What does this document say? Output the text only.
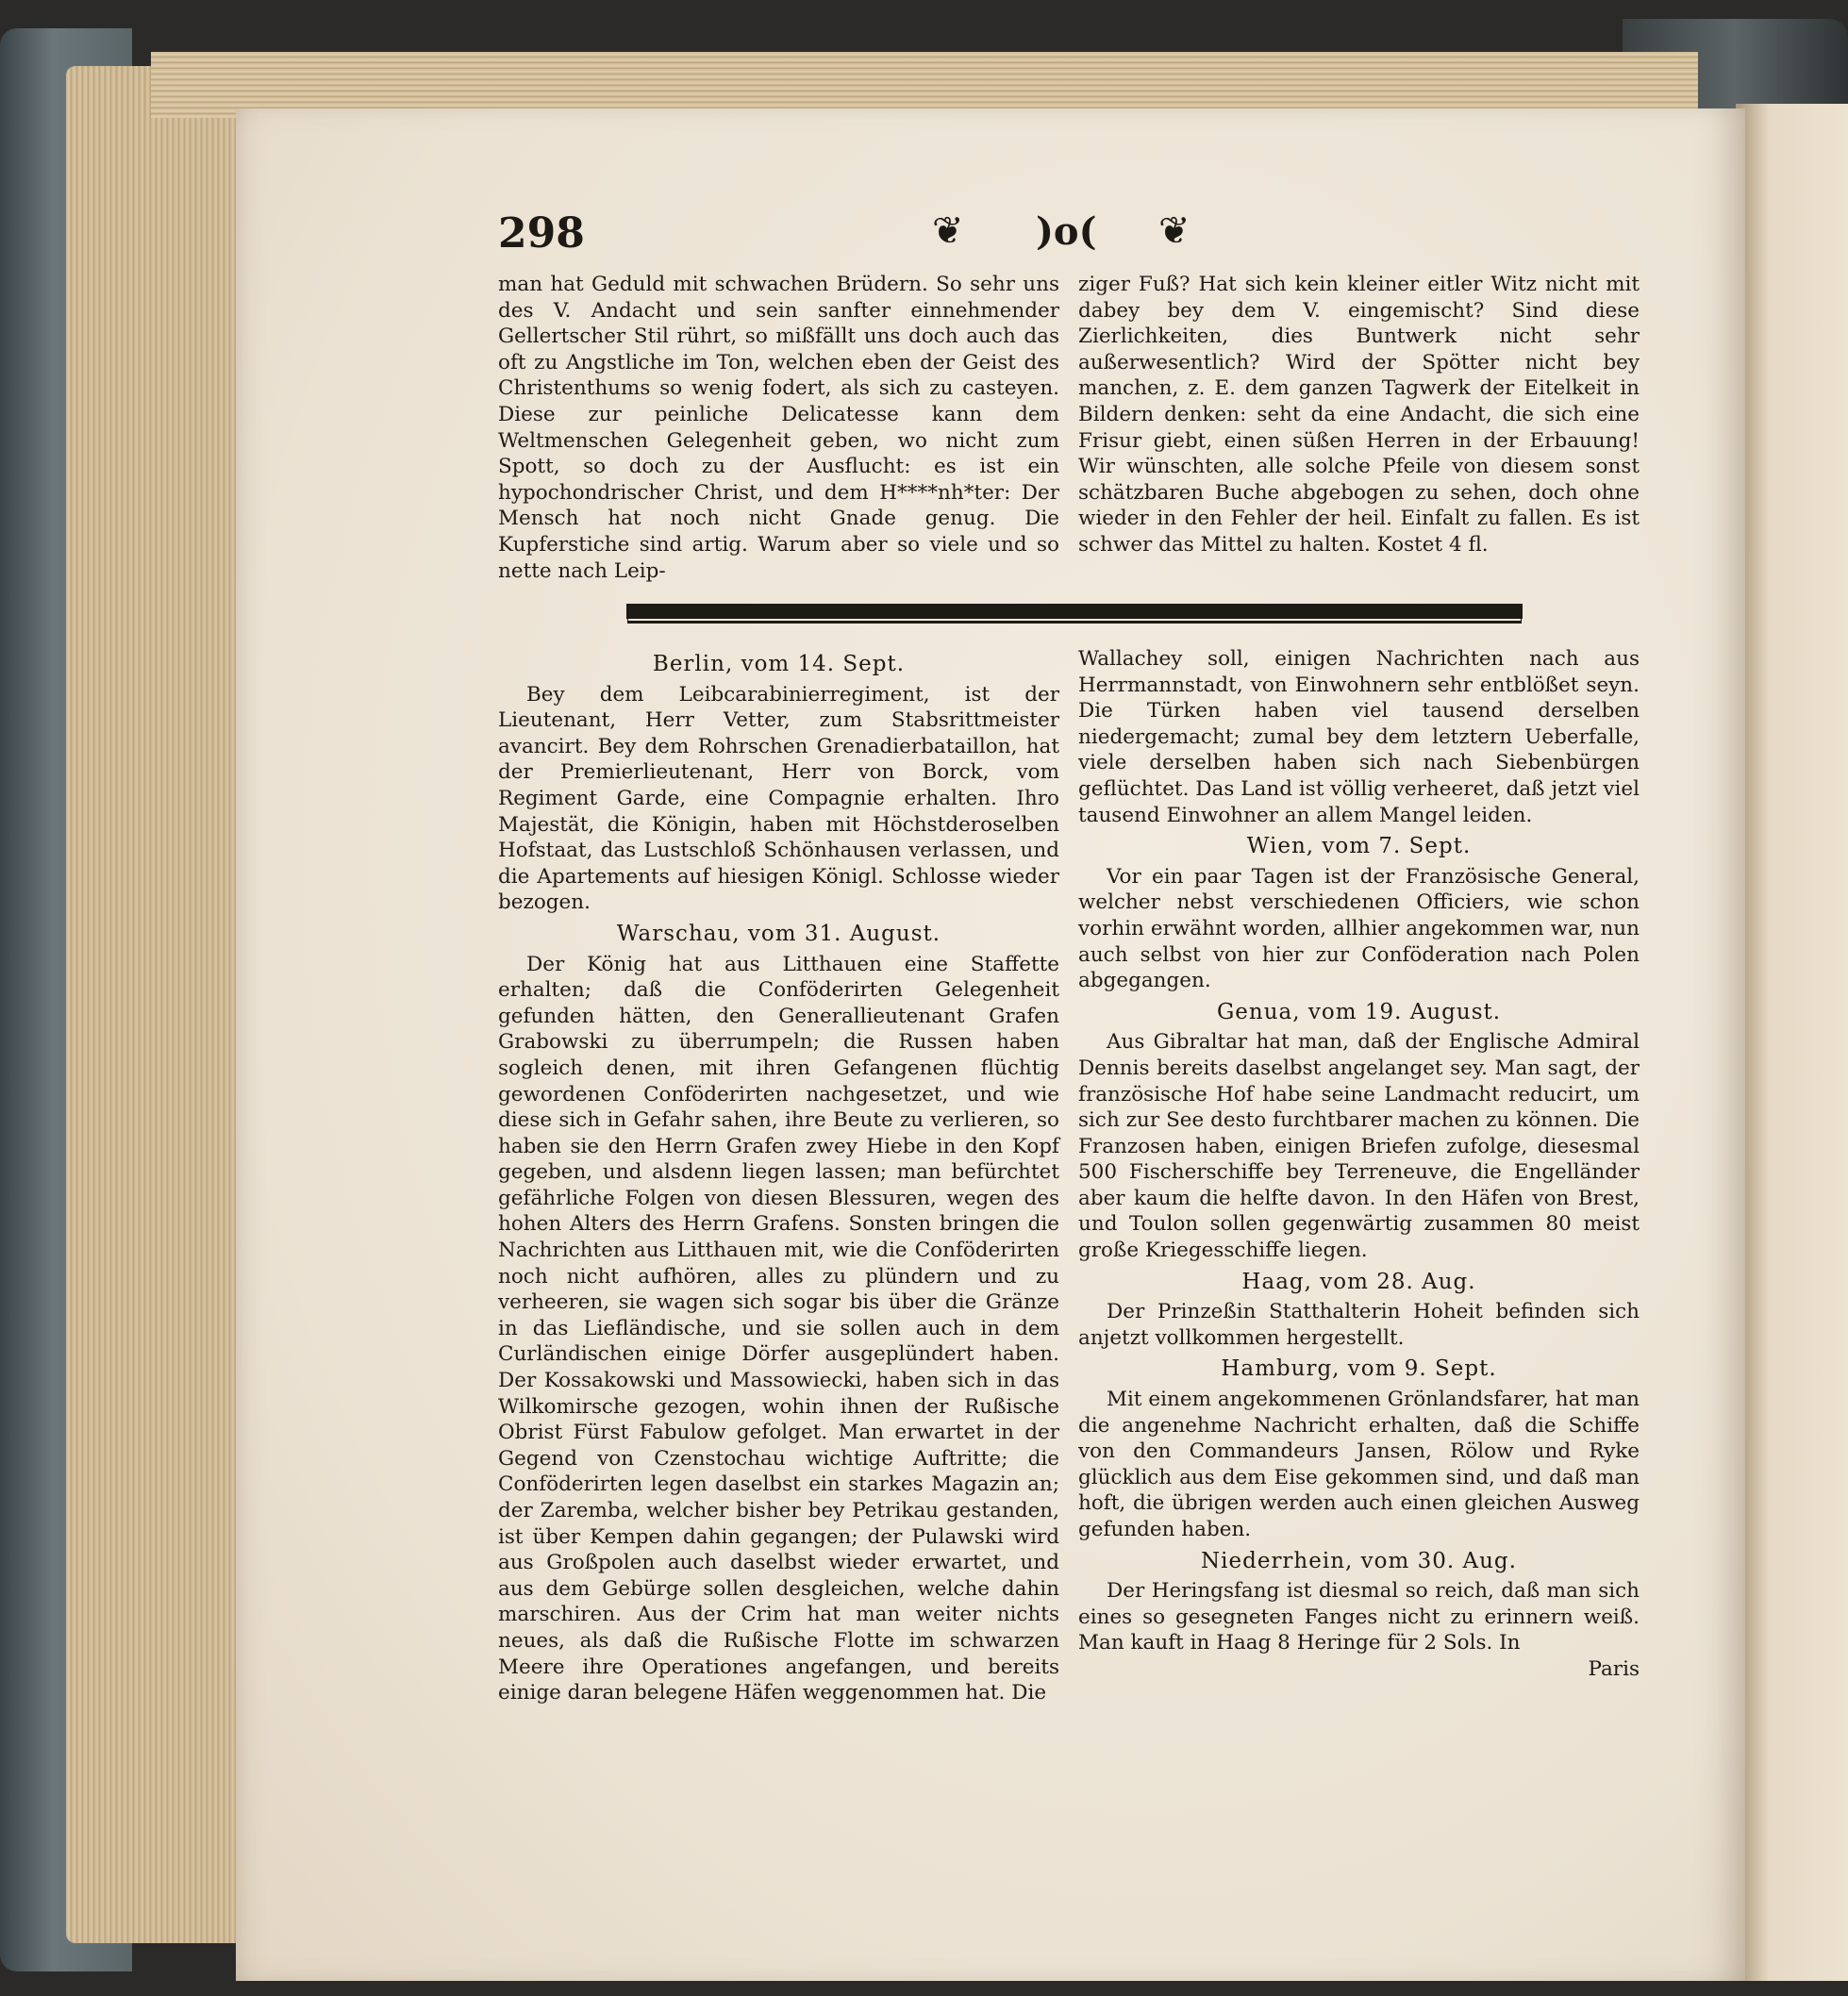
298	❦ )o( ❦

man hat Geduld mit schwachen Brüdern. So sehr uns des V. Andacht und sein sanfter einnehmender Gellertscher Stil rührt, so mißfällt uns doch auch das oft zu Angstliche im Ton, welchen eben der Geist des Christenthums so wenig fodert, als sich zu casteyen. Diese zur peinliche Delicatesse kann dem Weltmenschen Gelegenheit geben, wo nicht zum Spott, so doch zu der Ausflucht: es ist ein hypochondrischer Christ, und dem H****nh*ter: Der Mensch hat noch nicht Gnade genug. Die Kupferstiche sind artig. Warum aber so viele und so nette nach Leip-

ziger Fuß? Hat sich kein kleiner eitler Witz nicht mit dabey bey dem V. eingemischt? Sind diese Zierlichkeiten, dies Buntwerk nicht sehr außerwesentlich? Wird der Spötter nicht bey manchen, z. E. dem ganzen Tagwerk der Eitelkeit in Bildern denken: seht da eine Andacht, die sich eine Frisur giebt, einen süßen Herren in der Erbauung! Wir wünschten, alle solche Pfeile von diesem sonst schätzbaren Buche abgebogen zu sehen, doch ohne wieder in den Fehler der heil. Einfalt zu fallen. Es ist schwer das Mittel zu halten. Kostet 4 fl.

Berlin, vom 14. Sept.

Bey dem Leibcarabinierregiment, ist der Lieutenant, Herr Vetter, zum Stabsrittmeister avancirt. Bey dem Rohrschen Grenadierbataillon, hat der Premierlieutenant, Herr von Borck, vom Regiment Garde, eine Compagnie erhalten. Ihro Majestät, die Königin, haben mit Höchstderoselben Hofstaat, das Lustschloß Schönhausen verlassen, und die Apartements auf hiesigen Königl. Schlosse wieder bezogen.

Warschau, vom 31. August.

Der König hat aus Litthauen eine Staffette erhalten; daß die Conföderirten Gelegenheit gefunden hätten, den Generallieutenant Grafen Grabowski zu überrumpeln; die Russen haben sogleich denen, mit ihren Gefangenen flüchtig gewordenen Conföderirten nachgesetzet, und wie diese sich in Gefahr sahen, ihre Beute zu verlieren, so haben sie den Herrn Grafen zwey Hiebe in den Kopf gegeben, und alsdenn liegen lassen; man befürchtet gefährliche Folgen von diesen Blessuren, wegen des hohen Alters des Herrn Grafens. Sonsten bringen die Nachrichten aus Litthauen mit, wie die Conföderirten noch nicht aufhören, alles zu plündern und zu verheeren, sie wagen sich sogar bis über die Gränze in das Liefländische, und sie sollen auch in dem Curländischen einige Dörfer ausgeplündert haben. Der Kossakowski und Massowiecki, haben sich in das Wilkomirsche gezogen, wohin ihnen der Rußische Obrist Fürst Fabulow gefolget. Man erwartet in der Gegend von Czenstochau wichtige Auftritte; die Conföderirten legen daselbst ein starkes Magazin an; der Zaremba, welcher bisher bey Petrikau gestanden, ist über Kempen dahin gegangen; der Pulawski wird aus Großpolen auch daselbst wieder erwartet, und aus dem Gebürge sollen desgleichen, welche dahin marschiren. Aus der Crim hat man weiter nichts neues, als daß die Rußische Flotte im schwarzen Meere ihre Operationes angefangen, und bereits einige daran belegene Häfen weggenommen hat. Die

Wallachey soll, einigen Nachrichten nach aus Herrmannstadt, von Einwohnern sehr entblößet seyn. Die Türken haben viel tausend derselben niedergemacht; zumal bey dem letztern Ueberfalle, viele derselben haben sich nach Siebenbürgen geflüchtet. Das Land ist völlig verheeret, daß jetzt viel tausend Einwohner an allem Mangel leiden.

Wien, vom 7. Sept.

Vor ein paar Tagen ist der Französische General, welcher nebst verschiedenen Officiers, wie schon vorhin erwähnt worden, allhier angekommen war, nun auch selbst von hier zur Conföderation nach Polen abgegangen.

Genua, vom 19. August.

Aus Gibraltar hat man, daß der Englische Admiral Dennis bereits daselbst angelanget sey. Man sagt, der französische Hof habe seine Landmacht reducirt, um sich zur See desto furchtbarer machen zu können. Die Franzosen haben, einigen Briefen zufolge, diesesmal 500 Fischerschiffe bey Terreneuve, die Engelländer aber kaum die helfte davon. In den Häfen von Brest, und Toulon sollen gegenwärtig zusammen 80 meist große Kriegesschiffe liegen.

Haag, vom 28. Aug.

Der Prinzeßin Statthalterin Hoheit befinden sich anjetzt vollkommen hergestellt.

Hamburg, vom 9. Sept.

Mit einem angekommenen Grönlandsfarer, hat man die angenehme Nachricht erhalten, daß die Schiffe von den Commandeurs Jansen, Rölow und Ryke glücklich aus dem Eise gekommen sind, und daß man hoft, die übrigen werden auch einen gleichen Ausweg gefunden haben.

Niederrhein, vom 30. Aug.

Der Heringsfang ist diesmal so reich, daß man sich eines so gesegneten Fanges nicht zu erinnern weiß. Man kauft in Haag 8 Heringe für 2 Sols. In

Paris
